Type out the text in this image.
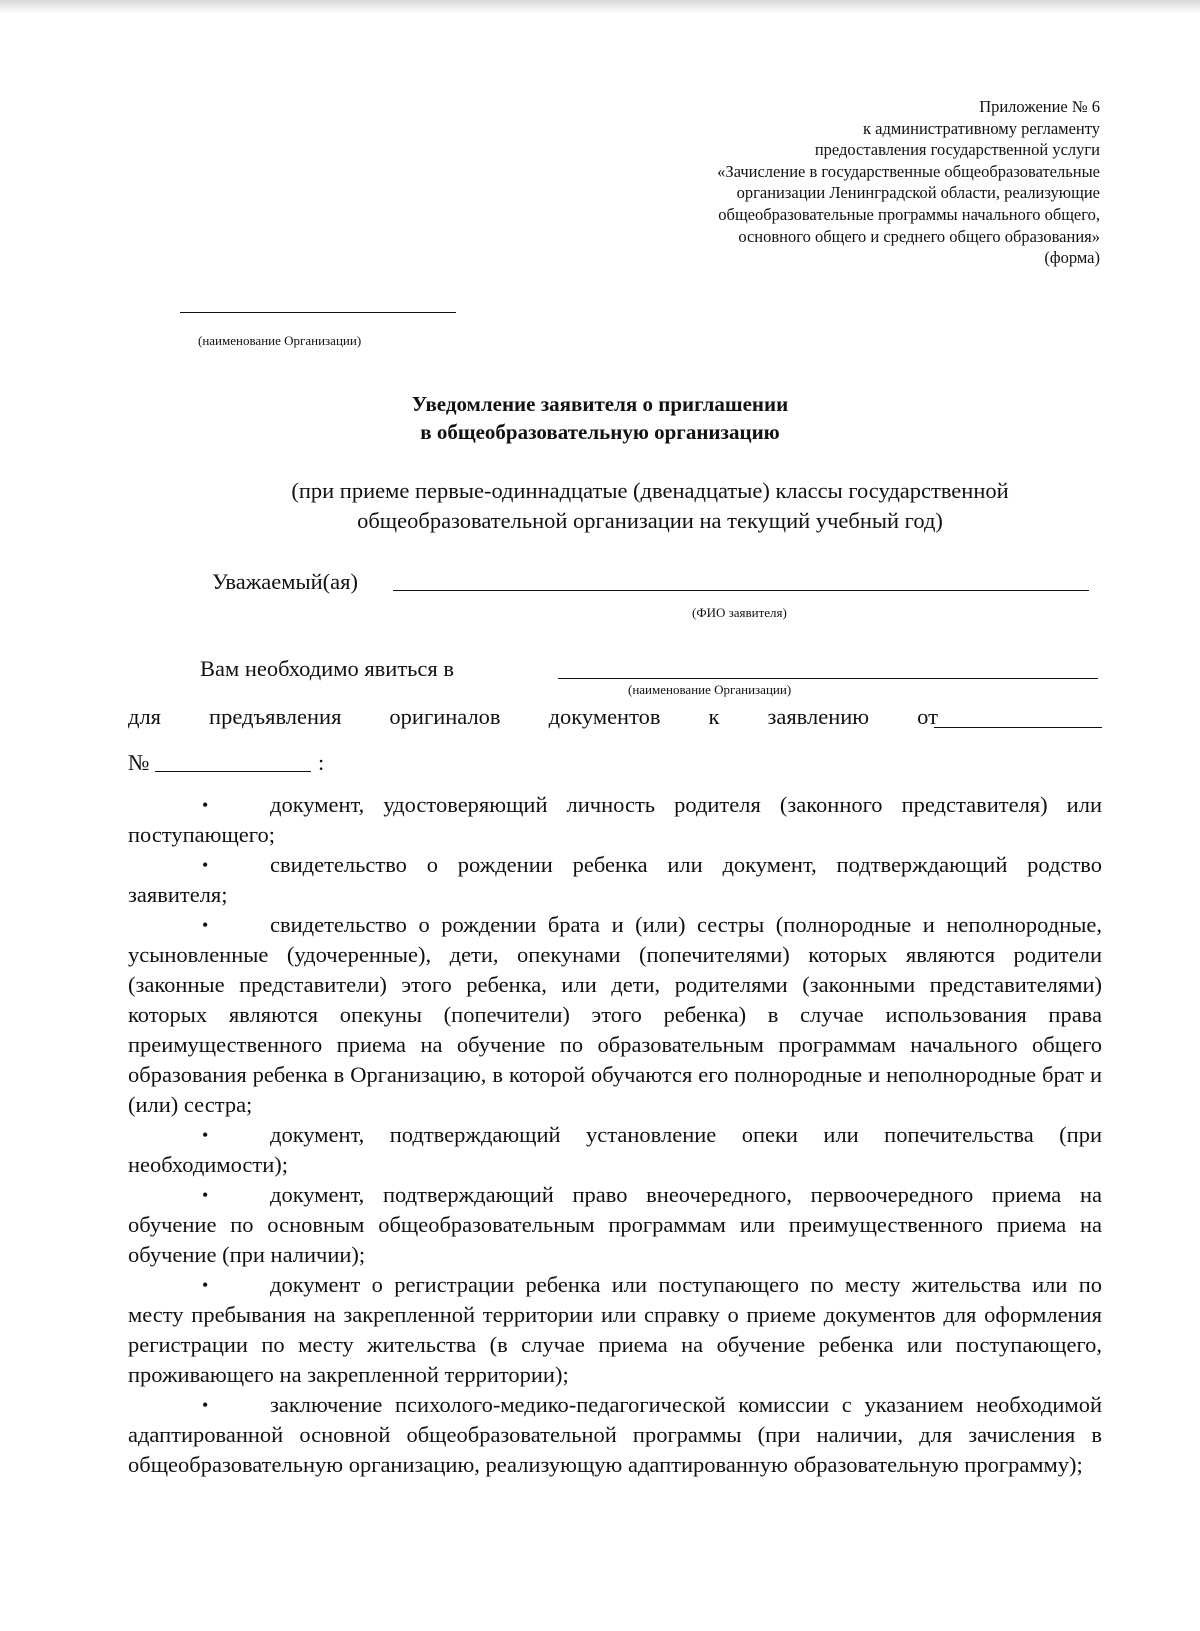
Приложение № 6
к административному регламенту
предоставления государственной услуги
«Зачисление в государственные общеобразовательные
организации Ленинградской области, реализующие
общеобразовательные программы начального общего,
основного общего и среднего общего образования»
(форма)
(наименование Организации)
Уведомление заявителя о приглашении
в общеобразовательную организацию
(при приеме первые-одиннадцатые (двенадцатые) классы государственной
общеобразовательной организации на текущий учебный год)
Уважаемый(ая)
(ФИО заявителя)
Вам необходимо явиться в
(наименование Организации)
для предъявления оригиналов документов к заявлению от
№	:
•	документ, удостоверяющий личность родителя (законного представителя) или поступающего;
•	свидетельство о рождении ребенка или документ, подтверждающий родство заявителя;
•	свидетельство о рождении брата и (или) сестры (полнородные и неполнородные, усыновленные (удочеренные), дети, опекунами (попечителями) которых являются родители (законные представители) этого ребенка, или дети, родителями (законными представителями) которых являются опекуны (попечители) этого ребенка) в случае использования права преимущественного приема на обучение по образовательным программам начального общего образования ребенка в Организацию, в которой обучаются его полнородные и неполнородные брат и (или) сестра;
•	документ, подтверждающий установление опеки или попечительства (при необходимости);
•	документ, подтверждающий право внеочередного, первоочередного приема на обучение по основным общеобразовательным программам или преимущественного приема на обучение (при наличии);
•	документ о регистрации ребенка или поступающего по месту жительства или по месту пребывания на закрепленной территории или справку о приеме документов для оформления регистрации по месту жительства (в случае приема на обучение ребенка или поступающего, проживающего на закрепленной территории);
•	заключение психолого-медико-педагогической комиссии с указанием необходимой адаптированной основной общеобразовательной программы (при наличии, для зачисления в общеобразовательную организацию, реализующую адаптированную образовательную программу);
